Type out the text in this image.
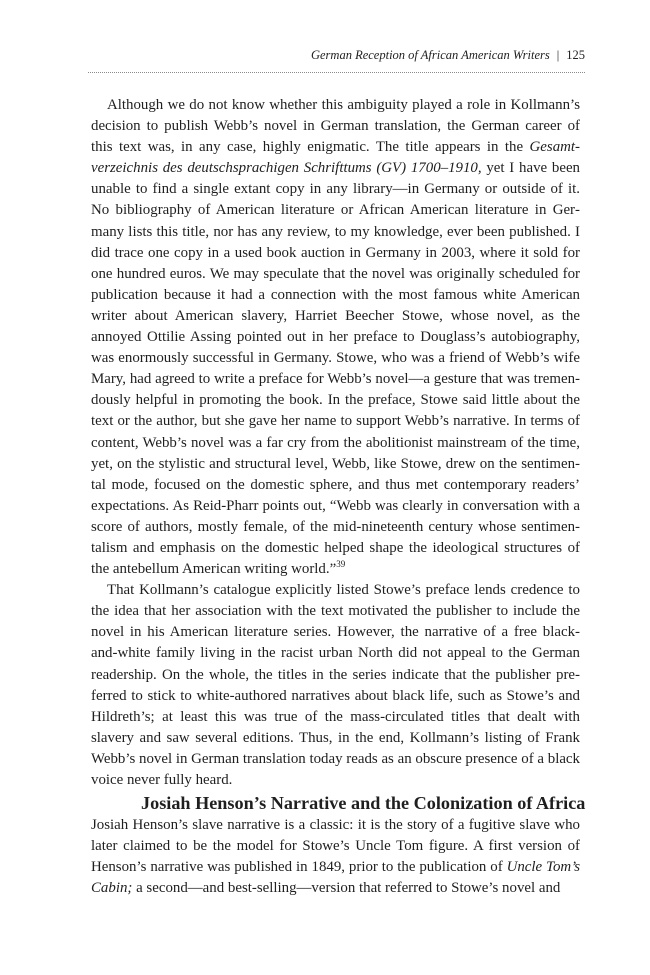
German Reception of African American Writers | 125

Although we do not know whether this ambiguity played a role in Kollmann’s decision to publish Webb’s novel in German translation, the German career of this text was, in any case, highly enigmatic. The title appears in the Gesamtverzeichnis des deutschsprachigen Schrifttums (GV) 1700–1910, yet I have been unable to find a single extant copy in any library—in Germany or outside of it. No bibliography of American literature or African American literature in Germany lists this title, nor has any review, to my knowledge, ever been published. I did trace one copy in a used book auction in Germany in 2003, where it sold for one hundred euros. We may speculate that the novel was originally scheduled for publication because it had a connection with the most famous white American writer about American slavery, Harriet Beecher Stowe, whose novel, as the annoyed Ottilie Assing pointed out in her preface to Douglass’s autobiography, was enormously successful in Germany. Stowe, who was a friend of Webb’s wife Mary, had agreed to write a preface for Webb’s novel—a gesture that was tremendously helpful in promoting the book. In the preface, Stowe said little about the text or the author, but she gave her name to support Webb’s narrative. In terms of content, Webb’s novel was a far cry from the abolitionist mainstream of the time, yet, on the stylistic and structural level, Webb, like Stowe, drew on the sentimental mode, focused on the domestic sphere, and thus met contemporary readers’ expectations. As Reid-Pharr points out, “Webb was clearly in conversation with a score of authors, mostly female, of the mid-nineteenth century whose sentimentalism and emphasis on the domestic helped shape the ideological structures of the antebellum American writing world.”$^{39}$

That Kollmann’s catalogue explicitly listed Stowe’s preface lends credence to the idea that her association with the text motivated the publisher to include the novel in his American literature series. However, the narrative of a free black-and-white family living in the racist urban North did not appeal to the German readership. On the whole, the titles in the series indicate that the publisher preferred to stick to white-authored narratives about black life, such as Stowe’s and Hildreth’s; at least this was true of the mass-circulated titles that dealt with slavery and saw several editions. Thus, in the end, Kollmann’s listing of Frank Webb’s novel in German translation today reads as an obscure presence of a black voice never fully heard.

Josiah Henson’s Narrative and the Colonization of Africa

Josiah Henson’s slave narrative is a classic: it is the story of a fugitive slave who later claimed to be the model for Stowe’s Uncle Tom figure. A first version of Henson’s narrative was published in 1849, prior to the publication of Uncle Tom’s Cabin; a second—and best-selling—version that referred to Stowe’s novel and
